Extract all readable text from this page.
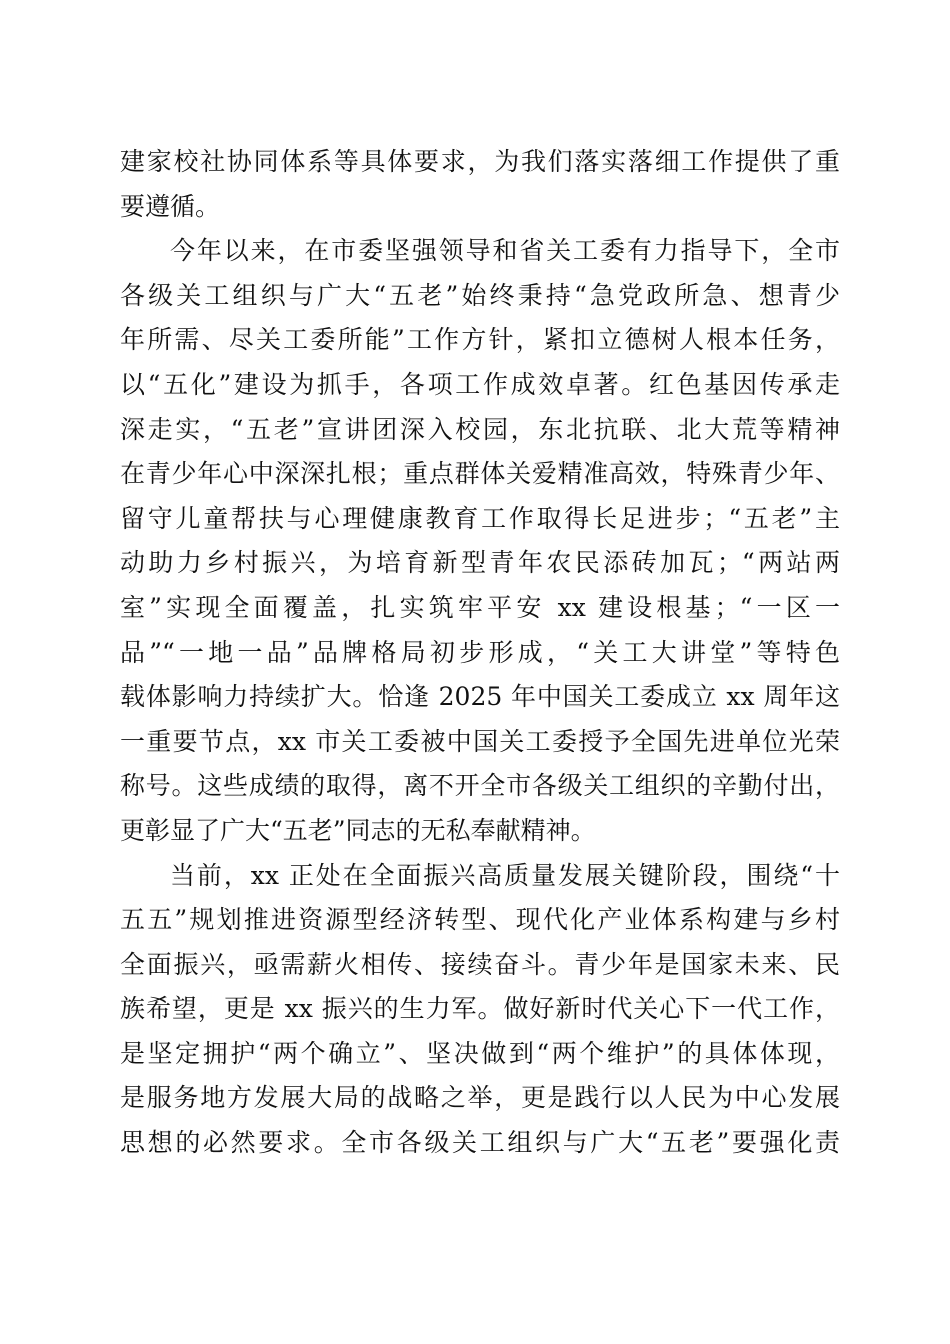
建家校社协同体系等具体要求，为我们落实落细工作提供了重
要遵循。
今年以来，在市委坚强领导和省关工委有力指导下，全市
各级关工组织与广大“五老”始终秉持“急党政所急、想青少
年所需、尽关工委所能”工作方针，紧扣立德树人根本任务，
以“五化”建设为抓手，各项工作成效卓著。红色基因传承走
深走实，“五老”宣讲团深入校园，东北抗联、北大荒等精神
在青少年心中深深扎根；重点群体关爱精准高效，特殊青少年、
留守儿童帮扶与心理健康教育工作取得长足进步；“五老”主
动助力乡村振兴，为培育新型青年农民添砖加瓦；“两站两
室”实现全面覆盖，扎实筑牢平安 xx 建设根基；“一区一
品”“一地一品”品牌格局初步形成，“关工大讲堂”等特色
载体影响力持续扩大。恰逢 2025 年中国关工委成立 xx 周年这
一重要节点，xx 市关工委被中国关工委授予全国先进单位光荣
称号。这些成绩的取得，离不开全市各级关工组织的辛勤付出，
更彰显了广大“五老”同志的无私奉献精神。
当前，xx 正处在全面振兴高质量发展关键阶段，围绕“十
五五”规划推进资源型经济转型、现代化产业体系构建与乡村
全面振兴，亟需薪火相传、接续奋斗。青少年是国家未来、民
族希望，更是 xx 振兴的生力军。做好新时代关心下一代工作，
是坚定拥护“两个确立”、坚决做到“两个维护”的具体体现，
是服务地方发展大局的战略之举，更是践行以人民为中心发展
思想的必然要求。全市各级关工组织与广大“五老”要强化责
